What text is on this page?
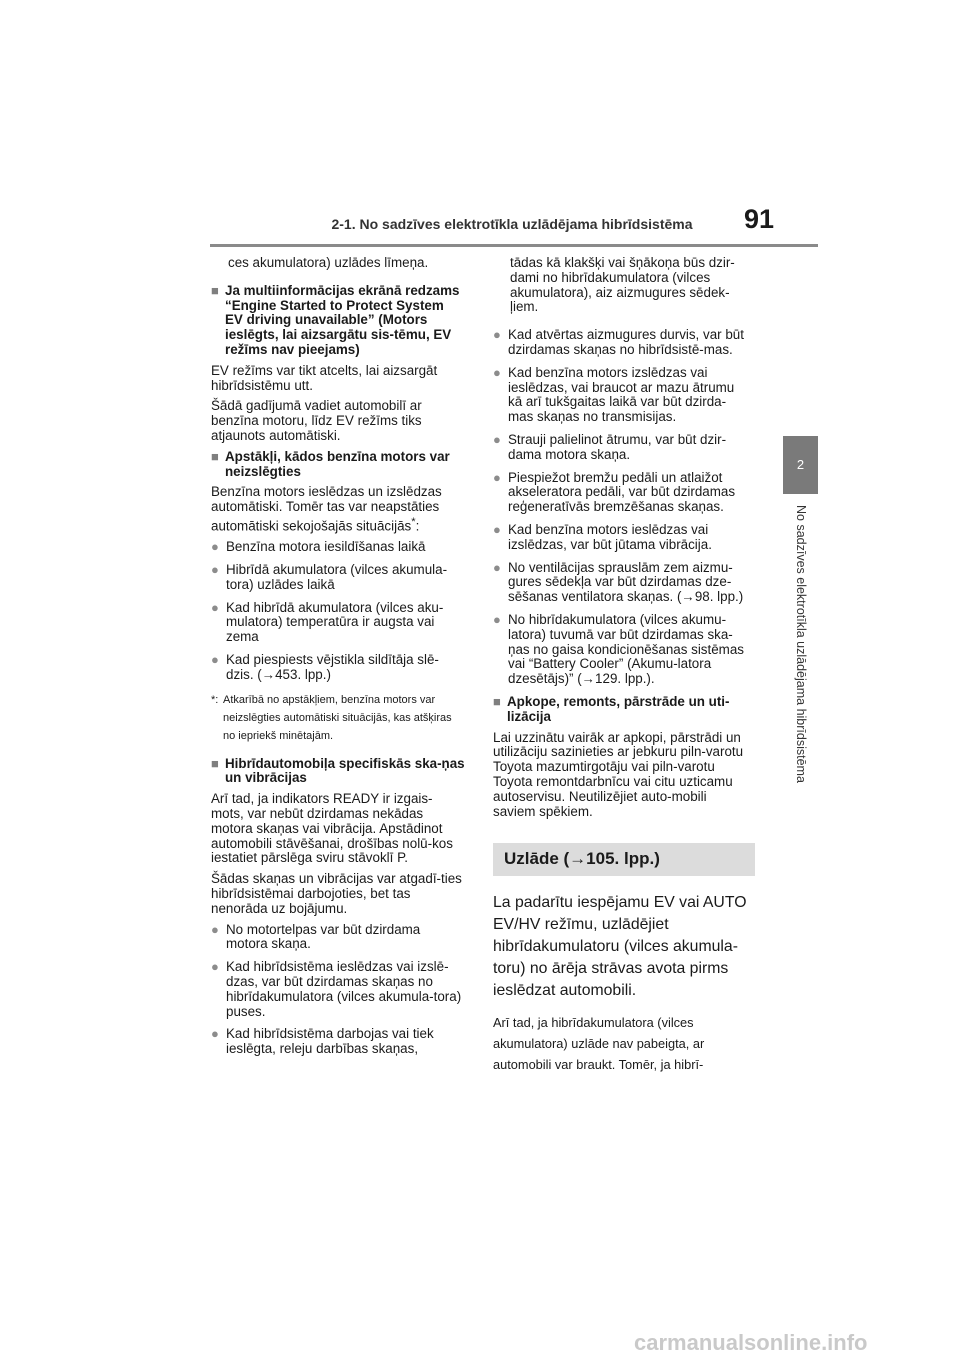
2-1. No sadzīves elektrotīkla uzlādējama hibrīdsistēma	91
2
No sadzīves elektrotīkla uzlādējama hibrīdsistēma

ces akumulatora) uzlādes līmeņa.

■ Ja multiinformācijas ekrānā redzams “Engine Started to Protect System EV driving unavailable” (Motors ieslēgts, lai aizsargātu sis-tēmu, EV režīms nav pieejams)

EV režīms var tikt atcelts, lai aizsargāt hibrīdsistēmu utt.

Šādā gadījumā vadiet automobilī ar benzīna motoru, līdz EV režīms tiks atjaunots automātiski.

■ Apstākļi, kādos benzīna motors var neizslēgties

Benzīna motors ieslēdzas un izslēdzas automātiski. Tomēr tas var neapstāties automātiski sekojošajās situācijās*:

● Benzīna motora iesildīšanas laikā
● Hibrīdā akumulatora (vilces akumula-tora) uzlādes laikā
● Kad hibrīdā akumulatora (vilces aku-mulatora) temperatūra ir augsta vai zema
● Kad piespiests vējstikla sildītāja slē-dzis. (→453. lpp.)
*: Atkarībā no apstākļiem, benzīna motors var neizslēgties automātiski situācijās, kas atšķiras no iepriekš minētajām.
■ Hibrīdautomobiļa specifiskās ska-ņas un vibrācijas

Arī tad, ja indikators READY ir izgais-mots, var nebūt dzirdamas nekādas motora skaņas vai vibrācija. Apstādinot automobili stāvēšanai, drošības nolū-kos iestatiet pārslēga sviru stāvoklī P.

Šādas skaņas un vibrācijas var atgadī-ties hibrīdsistēmai darbojoties, bet tas nenorāda uz bojājumu.

● No motortelpas var būt dzirdama motora skaņa.
● Kad hibrīdsistēma ieslēdzas vai izslē-dzas, var būt dzirdamas skaņas no hibrīdakumulatora (vilces akumula-tora) puses.
● Kad hibrīdsistēma darbojas vai tiek ieslēgta, releju darbības skaņas,

tādas kā klakšķi vai šņākoņa būs dzir-dami no hibrīdakumulatora (vilces akumulatora), aiz aizmugures sēdek-ļiem.

● Kad atvērtas aizmugures durvis, var būt dzirdamas skaņas no hibrīdsistē-mas.
● Kad benzīna motors izslēdzas vai ieslēdzas, vai braucot ar mazu ātrumu kā arī tukšgaitas laikā var būt dzirda-mas skaņas no transmisijas.
● Strauji palielinot ātrumu, var būt dzir-dama motora skaņa.
● Piespiežot bremžu pedāli un atlaižot akseleratora pedāli, var būt dzirdamas reģeneratīvās bremzēšanas skaņas.
● Kad benzīna motors ieslēdzas vai izslēdzas, var būt jūtama vibrācija.
● No ventilācijas sprauslām zem aizmu-gures sēdekļa var būt dzirdamas dze-sēšanas ventilatora skaņas. (→98. lpp.)
● No hibrīdakumulatora (vilces akumu-latora) tuvumā var būt dzirdamas ska-ņas no gaisa kondicionēšanas sistēmas vai “Battery Cooler” (Akumu-latora dzesētājs)” (→129. lpp.).
■ Apkope, remonts, pārstrāde un uti-lizācija

Lai uzzinātu vairāk ar apkopi, pārstrādi un utilizāciju sazinieties ar jebkuru piln-varotu Toyota mazumtirgotāju vai piln-varotu Toyota remontdarbnīcu vai citu uzticamu autoservisu. Neutilizējiet auto-mobili saviem spēkiem.

Uzlāde (→105. lpp.)

La padarītu iespējamu EV vai AUTO EV/HV režīmu, uzlādējiet hibrīdakumulatoru (vilces akumula-toru) no ārēja strāvas avota pirms ieslēdzat automobili.

Arī tad, ja hibrīdakumulatora (vilces akumulatora) uzlāde nav pabeigta, ar automobili var braukt. Tomēr, ja hibrī-

carmanualsonline.info
